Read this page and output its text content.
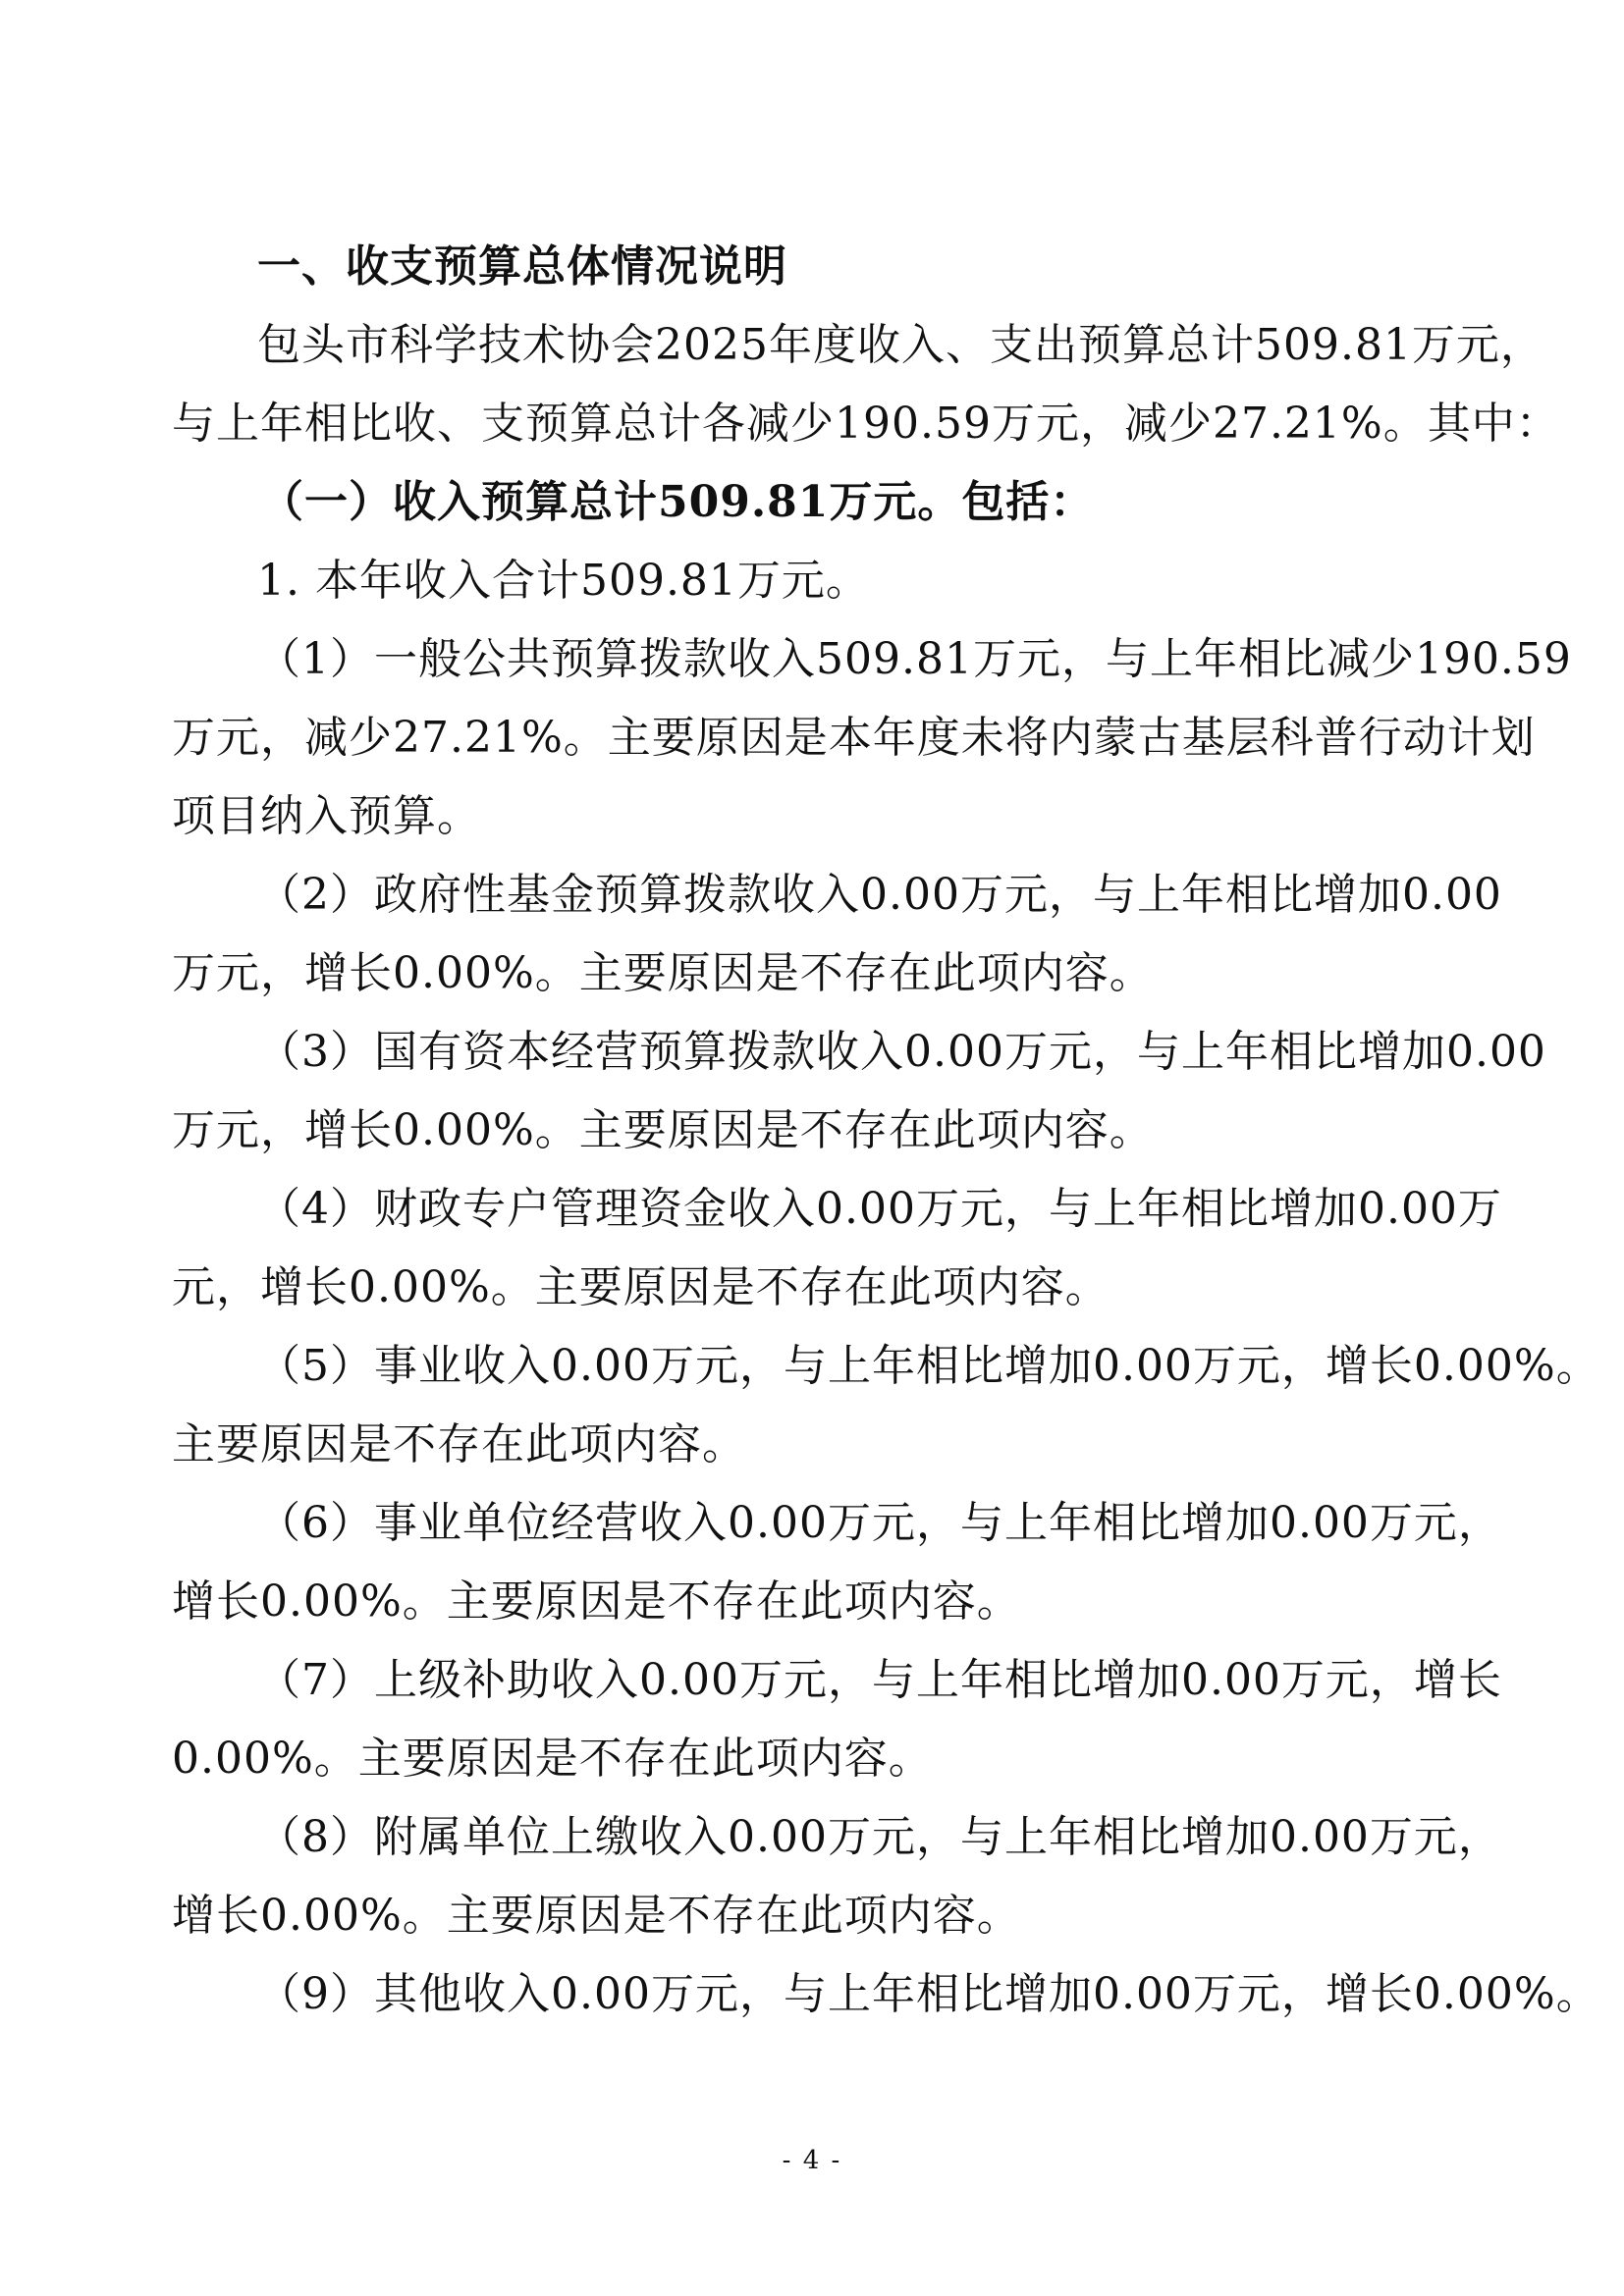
一、收支预算总体情况说明
包头市科学技术协会2025年度收入、支出预算总计509.81万元，
与上年相比收、支预算总计各减少190.59万元，减少27.21%。其中：
（一）收入预算总计509.81万元。包括：
1. 本年收入合计509.81万元。
（1）一般公共预算拨款收入509.81万元，与上年相比减少190.59
万元，减少27.21%。主要原因是本年度未将内蒙古基层科普行动计划
项目纳入预算。
（2）政府性基金预算拨款收入0.00万元，与上年相比增加0.00
万元，增长0.00%。主要原因是不存在此项内容。
（3）国有资本经营预算拨款收入0.00万元，与上年相比增加0.00
万元，增长0.00%。主要原因是不存在此项内容。
（4）财政专户管理资金收入0.00万元，与上年相比增加0.00万
元，增长0.00%。主要原因是不存在此项内容。
（5）事业收入0.00万元，与上年相比增加0.00万元，增长0.00%。
主要原因是不存在此项内容。
（6）事业单位经营收入0.00万元，与上年相比增加0.00万元，
增长0.00%。主要原因是不存在此项内容。
（7）上级补助收入0.00万元，与上年相比增加0.00万元，增长
0.00%。主要原因是不存在此项内容。
（8）附属单位上缴收入0.00万元，与上年相比增加0.00万元，
增长0.00%。主要原因是不存在此项内容。
（9）其他收入0.00万元，与上年相比增加0.00万元，增长0.00%。
- 4 -
